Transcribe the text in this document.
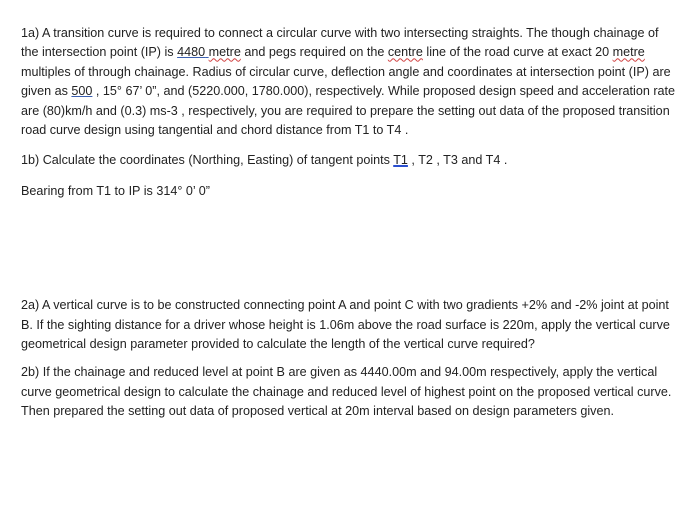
1a) A transition curve is required to connect a circular curve with two intersecting straights. The though chainage of the intersection point (IP) is 4480 metre and pegs required on the centre line of the road curve at exact 20 metre multiples of through chainage. Radius of circular curve, deflection angle and coordinates at intersection point (IP) are given as 500 , 15° 67’ 0”, and (5220.000, 1780.000), respectively. While proposed design speed and acceleration rate are (80)km/h and (0.3) ms-3 , respectively, you are required to prepare the setting out data of the proposed transition road curve design using tangential and chord distance from T1 to T4 .

1b) Calculate the coordinates (Northing, Easting) of tangent points T1 , T2 , T3 and T4 .

Bearing from T1 to IP is 314° 0’ 0”

2a) A vertical curve is to be constructed connecting point A and point C with two gradients +2% and -2% joint at point B. If the sighting distance for a driver whose height is 1.06m above the road surface is 220m, apply the vertical curve geometrical design parameter provided to calculate the length of the vertical curve required?

2b) If the chainage and reduced level at point B are given as 4440.00m and 94.00m respectively, apply the vertical curve geometrical design to calculate the chainage and reduced level of highest point on the proposed vertical curve. Then prepared the setting out data of proposed vertical at 20m interval based on design parameters given.
